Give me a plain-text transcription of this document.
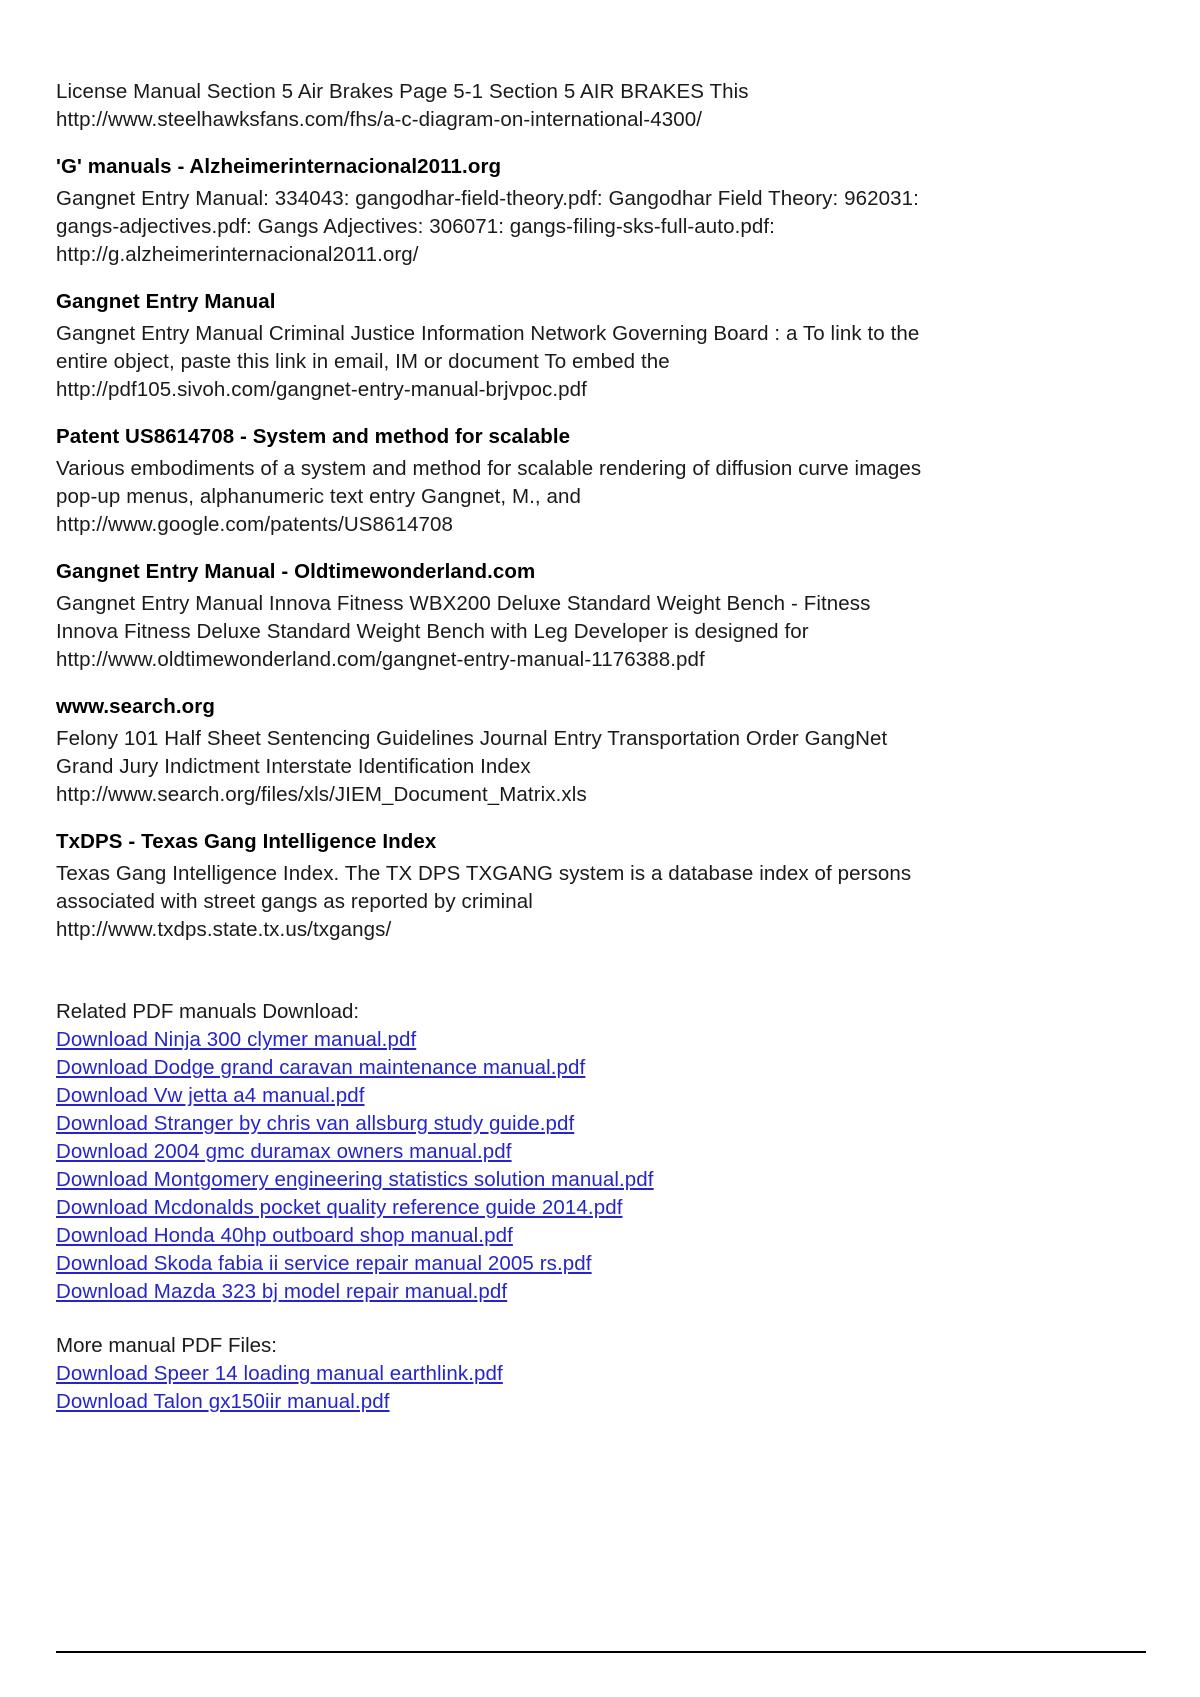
License Manual Section 5 Air Brakes Page 5-1 Section 5 AIR BRAKES This

http://www.steelhawksfans.com/fhs/a-c-diagram-on-international-4300/

'G' manuals - Alzheimerinternacional2011.org

Gangnet Entry Manual: 334043: gangodhar-field-theory.pdf: Gangodhar Field Theory: 962031:

gangs-adjectives.pdf: Gangs Adjectives: 306071: gangs-filing-sks-full-auto.pdf:

http://g.alzheimerinternacional2011.org/

Gangnet Entry Manual

Gangnet Entry Manual Criminal Justice Information Network Governing Board : a To link to the

entire object, paste this link in email, IM or document To embed the

http://pdf105.sivoh.com/gangnet-entry-manual-brjvpoc.pdf

Patent US8614708 - System and method for scalable

Various embodiments of a system and method for scalable rendering of diffusion curve images

pop-up menus, alphanumeric text entry Gangnet, M., and

http://www.google.com/patents/US8614708

Gangnet Entry Manual - Oldtimewonderland.com

Gangnet Entry Manual Innova Fitness WBX200 Deluxe Standard Weight Bench - Fitness

Innova Fitness Deluxe Standard Weight Bench with Leg Developer is designed for

http://www.oldtimewonderland.com/gangnet-entry-manual-1176388.pdf

www.search.org

Felony 101 Half Sheet Sentencing Guidelines Journal Entry Transportation Order GangNet

Grand Jury Indictment Interstate Identification Index

http://www.search.org/files/xls/JIEM_Document_Matrix.xls

TxDPS - Texas Gang Intelligence Index

Texas Gang Intelligence Index. The TX DPS TXGANG system is a database index of persons

associated with street gangs as reported by criminal

http://www.txdps.state.tx.us/txgangs/

Related PDF manuals Download:

Download Ninja 300 clymer manual.pdf
Download Dodge grand caravan maintenance manual.pdf
Download Vw jetta a4 manual.pdf
Download Stranger by chris van allsburg study guide.pdf
Download 2004 gmc duramax owners manual.pdf
Download Montgomery engineering statistics solution manual.pdf
Download Mcdonalds pocket quality reference guide 2014.pdf
Download Honda 40hp outboard shop manual.pdf
Download Skoda fabia ii service repair manual 2005 rs.pdf
Download Mazda 323 bj model repair manual.pdf

More manual PDF Files:

Download Speer 14 loading manual earthlink.pdf
Download Talon gx150iir manual.pdf
